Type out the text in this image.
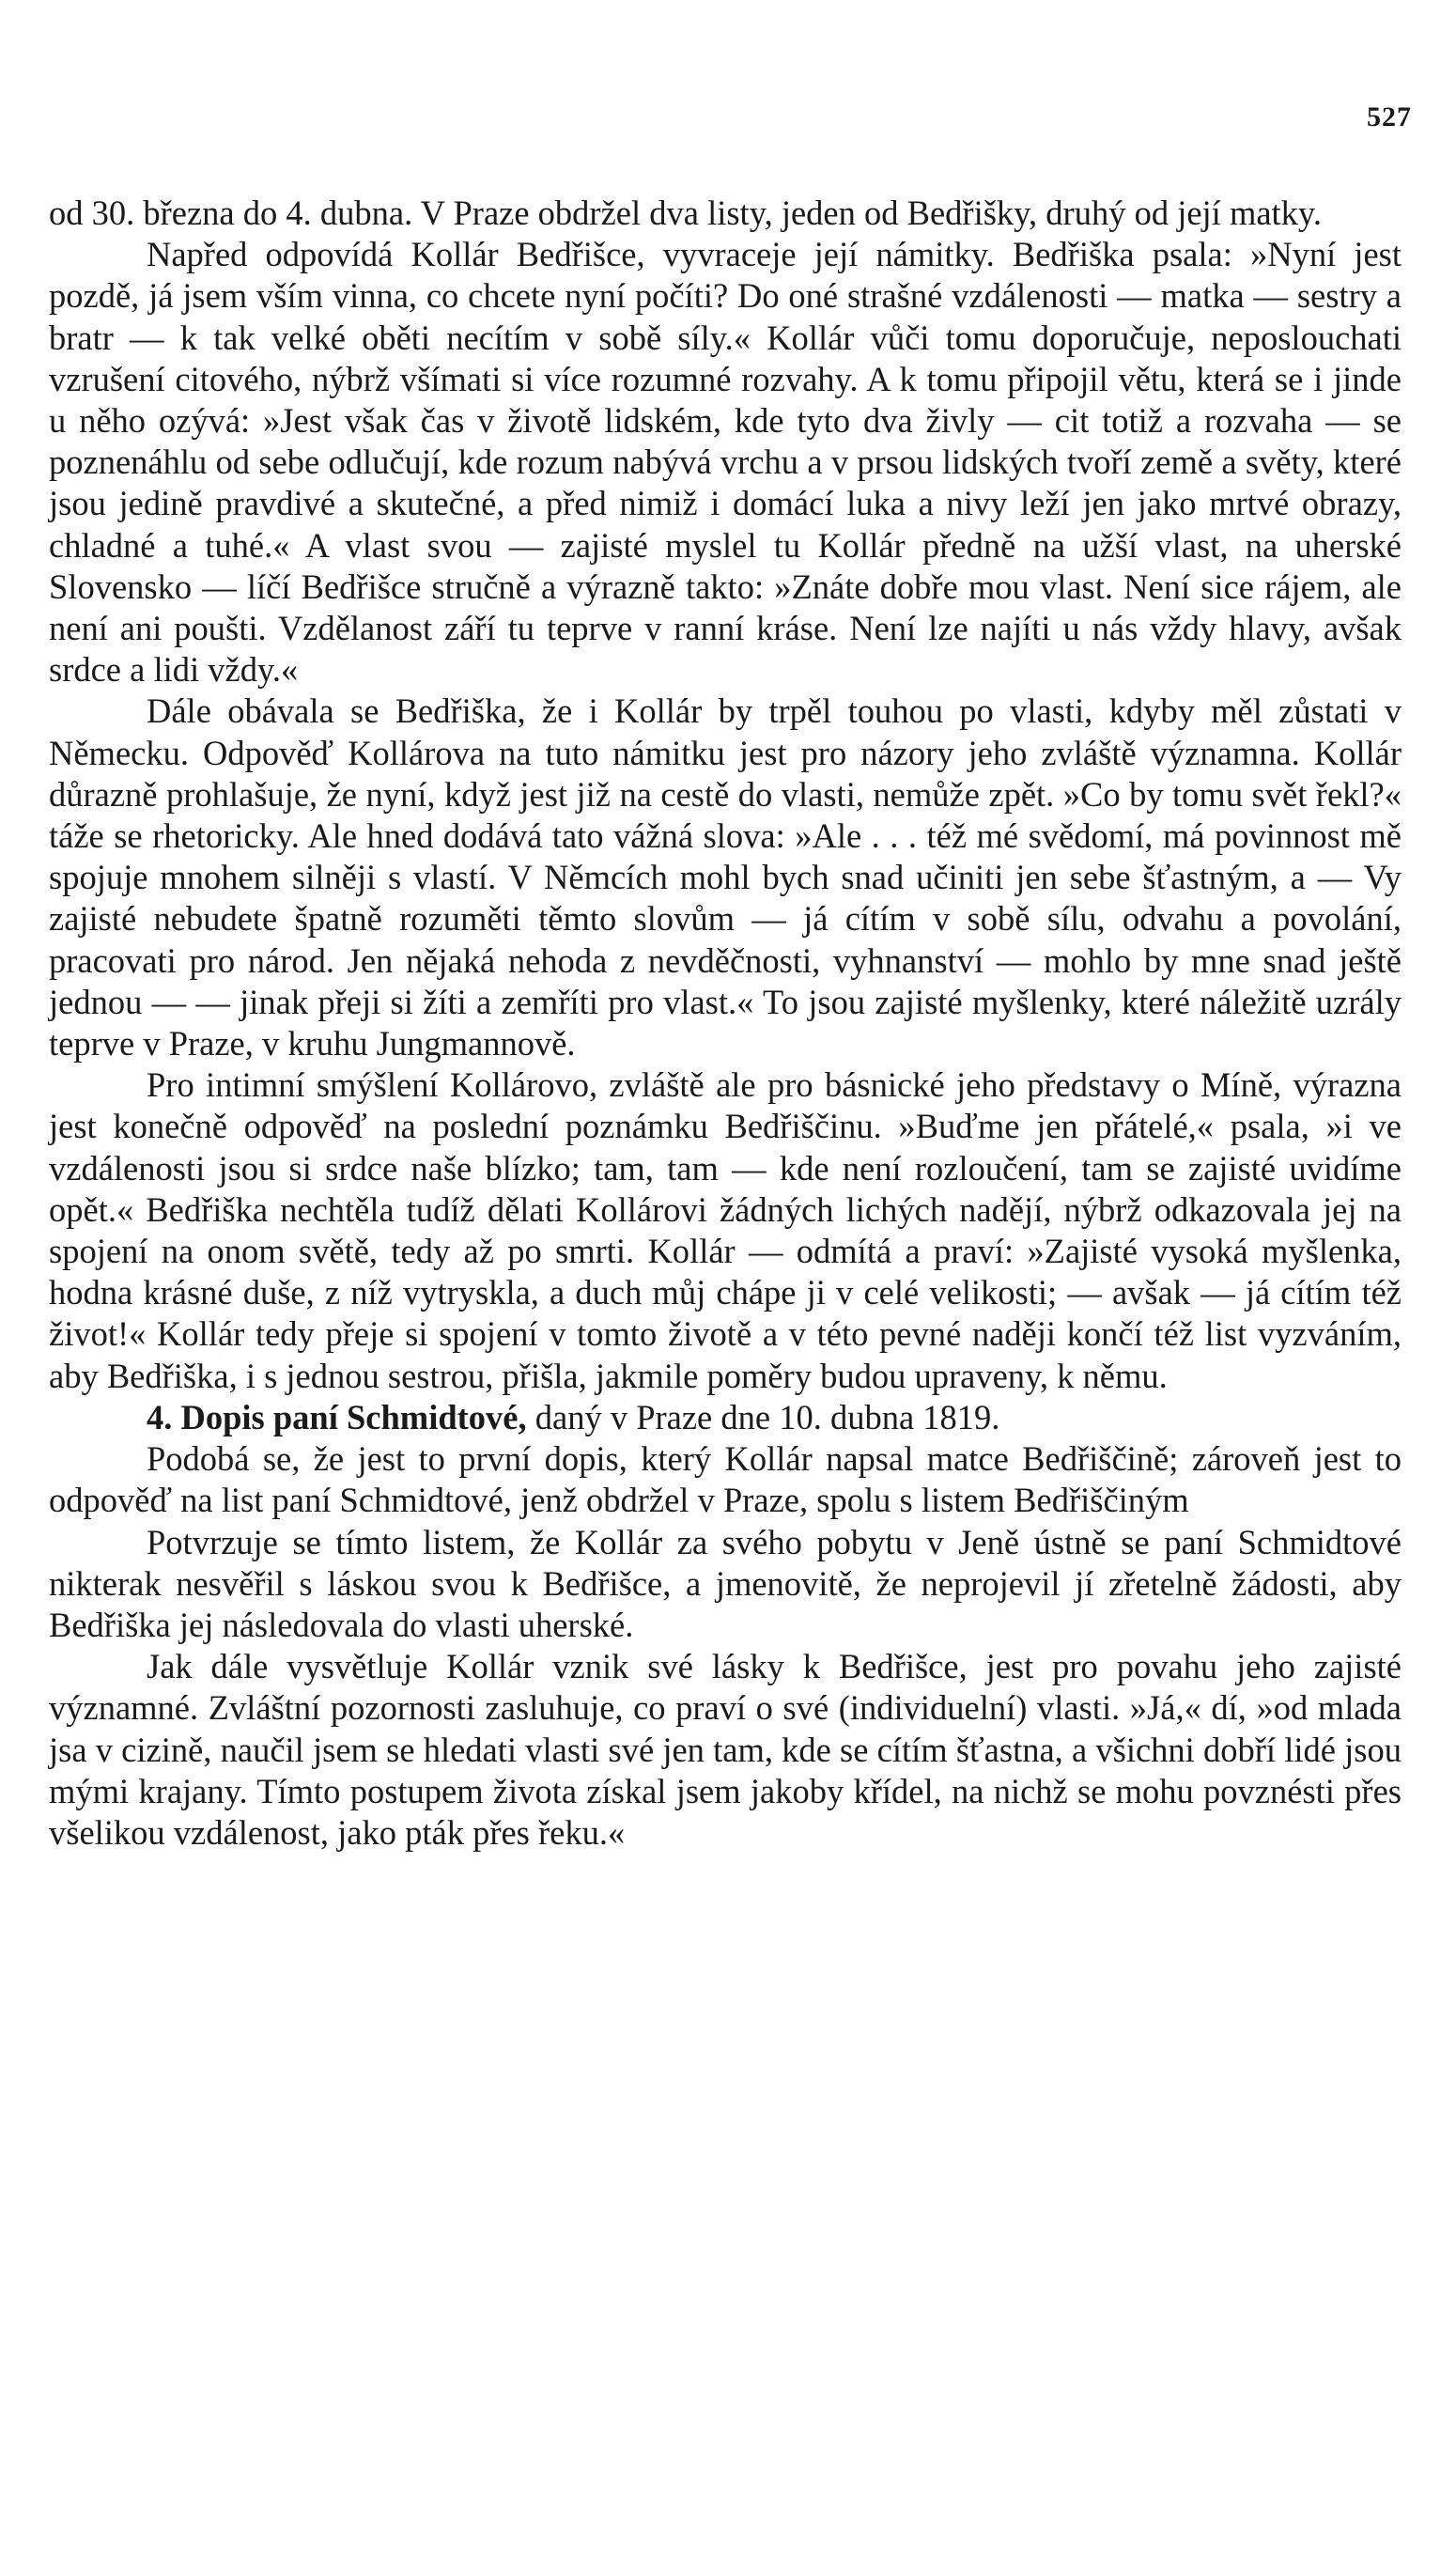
527

od 30. března do 4. dubna. V Praze obdržel dva listy, jeden od Bedřišky, druhý od její matky.

Napřed odpovídá Kollár Bedřišce, vyvraceje její námitky. Bedřiška psala: »Nyní jest pozdě, já jsem vším vinna, co chcete nyní počíti? Do oné strašné vzdálenosti — matka — sestry a bratr — k tak velké oběti necítím v sobě síly.« Kollár vůči tomu doporučuje, neposlouchati vzrušení citového, nýbrž všímati si více rozumné rozvahy. A k tomu připojil větu, která se i jinde u něho ozývá: »Jest však čas v životě lidském, kde tyto dva živly — cit totiž a rozvaha — se poznenáhlu od sebe odlučují, kde rozum nabývá vrchu a v prsou lidských tvoří země a světy, které jsou jedině pravdivé a skutečné, a před nimiž i domácí luka a nivy leží jen jako mrtvé obrazy, chladné a tuhé.« A vlast svou — zajisté myslel tu Kollár předně na užší vlast, na uherské Slovensko — líčí Bedřišce stručně a výrazně takto: »Znáte dobře mou vlast. Není sice rájem, ale není ani poušti. Vzdělanost září tu teprve v ranní kráse. Není lze najíti u nás vždy hlavy, avšak srdce a lidi vždy.«

Dále obávala se Bedřiška, že i Kollár by trpěl touhou po vlasti, kdyby měl zůstati v Německu. Odpověď Kollárova na tuto námitku jest pro názory jeho zvláště významna. Kollár důrazně prohlašuje, že nyní, když jest již na cestě do vlasti, nemůže zpět. »Co by tomu svět řekl?« táže se rhetoricky. Ale hned dodává tato vážná slova: »Ale . . . též mé svědomí, má povinnost mě spojuje mnohem silněji s vlastí. V Němcích mohl bych snad učiniti jen sebe šťastným, a — Vy zajisté nebudete špatně rozuměti těmto slovům — já cítím v sobě sílu, odvahu a povolání, pracovati pro národ. Jen nějaká nehoda z nevděčnosti, vyhnanství — mohlo by mne snad ještě jednou — — jinak přeji si žíti a zemříti pro vlast.« To jsou zajisté myšlenky, které náležitě uzrály teprve v Praze, v kruhu Jungmannově.

Pro intimní smýšlení Kollárovo, zvláště ale pro básnické jeho představy o Míně, výrazna jest konečně odpověď na poslední poznámku Bedřiščinu. »Buďme jen přátelé,« psala, »i ve vzdálenosti jsou si srdce naše blízko; tam, tam — kde není rozloučení, tam se zajisté uvidíme opět.« Bedřiška nechtěla tudíž dělati Kollárovi žádných lichých nadějí, nýbrž odkazovala jej na spojení na onom světě, tedy až po smrti. Kollár — odmítá a praví: »Zajisté vysoká myšlenka, hodna krásné duše, z níž vytryskla, a duch můj chápe ji v celé velikosti; — avšak — já cítím též život!« Kollár tedy přeje si spojení v tomto životě a v této pevné naději končí též list vyzváním, aby Bedřiška, i s jednou sestrou, přišla, jakmile poměry budou upraveny, k němu.

4. Dopis paní Schmidtové, daný v Praze dne 10. dubna 1819.

Podobá se, že jest to první dopis, který Kollár napsal matce Bedřiščině; zároveň jest to odpověď na list paní Schmidtové, jenž obdržel v Praze, spolu s listem Bedřiščiným

Potvrzuje se tímto listem, že Kollár za svého pobytu v Jeně ústně se paní Schmidtové nikterak nesvěřil s láskou svou k Bedřišce, a jmenovitě, že neprojevil jí zřetelně žádosti, aby Bedřiška jej následovala do vlasti uherské.

Jak dále vysvětluje Kollár vznik své lásky k Bedřišce, jest pro povahu jeho zajisté významné. Zvláštní pozornosti zasluhuje, co praví o své (individuelní) vlasti. »Já,« dí, »od mlada jsa v cizině, naučil jsem se hledati vlasti své jen tam, kde se cítím šťastna, a všichni dobří lidé jsou mými krajany. Tímto postupem života získal jsem jakoby křídel, na nichž se mohu povznésti přes všelikou vzdálenost, jako pták přes řeku.«
